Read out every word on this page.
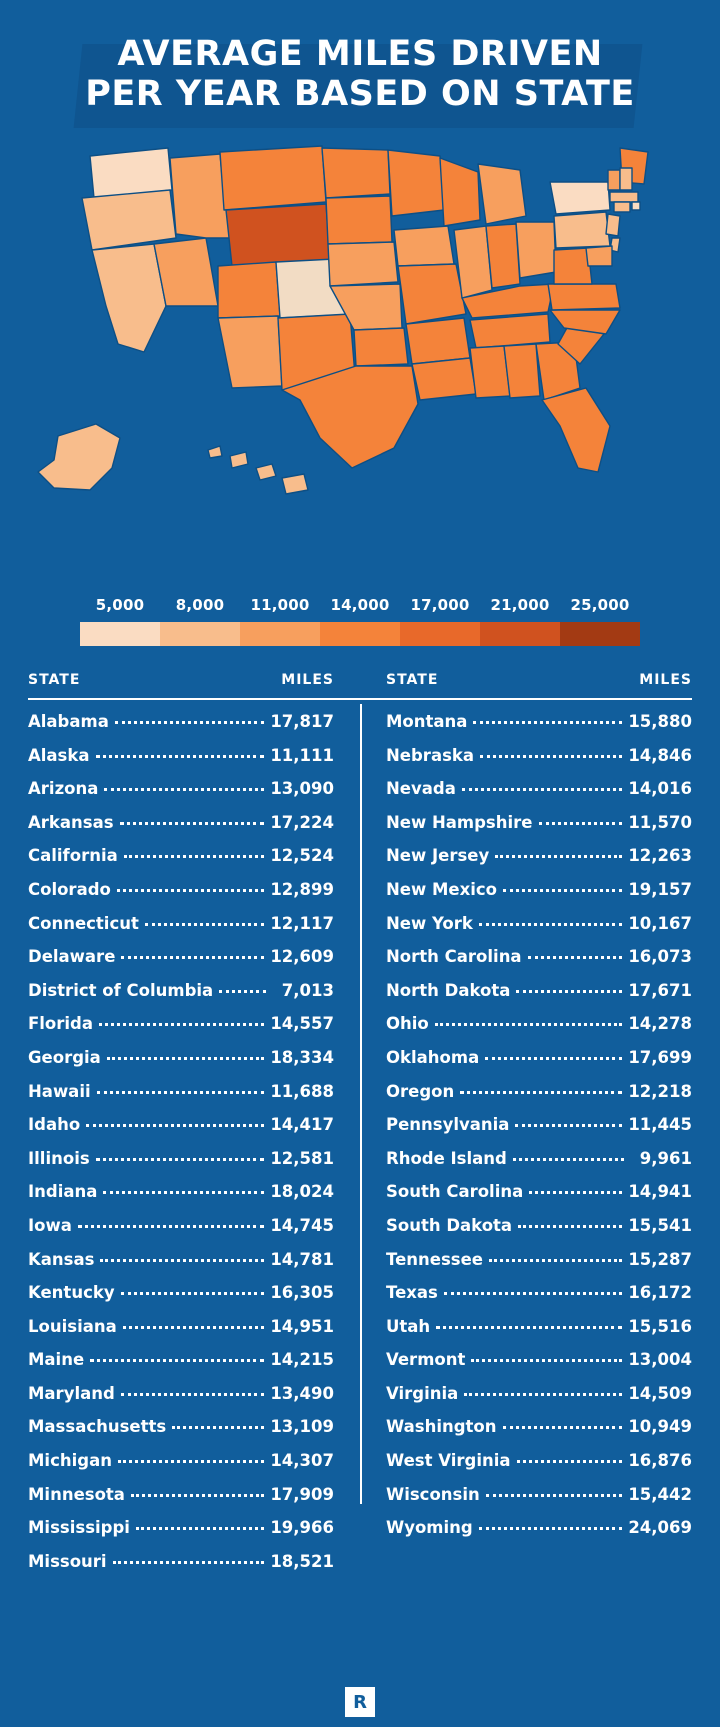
AVERAGE MILES DRIVEN
PER YEAR BASED ON STATE
5,000	8,000	11,000	14,000	17,000	21,000	25,000
STATE	MILES	STATE	MILES
Alabama	17,817
Alaska	11,111
Arizona	13,090
Arkansas	17,224
California	12,524
Colorado	12,899
Connecticut	12,117
Delaware	12,609
District of Columbia	7,013
Florida	14,557
Georgia	18,334
Hawaii	11,688
Idaho	14,417
Illinois	12,581
Indiana	18,024
Iowa	14,745
Kansas	14,781
Kentucky	16,305
Louisiana	14,951
Maine	14,215
Maryland	13,490
Massachusetts	13,109
Michigan	14,307
Minnesota	17,909
Mississippi	19,966
Missouri	18,521
Montana	15,880
Nebraska	14,846
Nevada	14,016
New Hampshire	11,570
New Jersey	12,263
New Mexico	19,157
New York	10,167
North Carolina	16,073
North Dakota	17,671
Ohio	14,278
Oklahoma	17,699
Oregon	12,218
Pennsylvania	11,445
Rhode Island	9,961
South Carolina	14,941
South Dakota	15,541
Tennessee	15,287
Texas	16,172
Utah	15,516
Vermont	13,004
Virginia	14,509
Washington	10,949
West Virginia	16,876
Wisconsin	15,442
Wyoming	24,069
R
